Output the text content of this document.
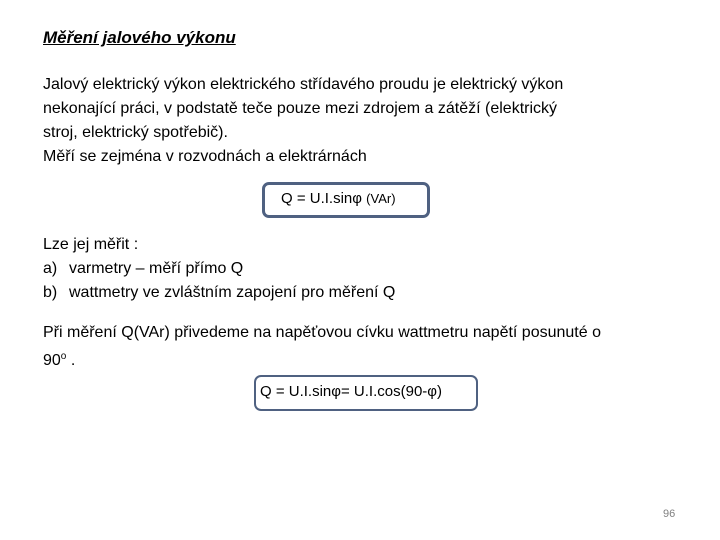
Měření jalového výkonu
Jalový elektrický výkon elektrického střídavého proudu je elektrický výkon
nekonající práci, v podstatě teče pouze mezi zdrojem a zátěží (elektrický
stroj, elektrický spotřebič).
Měří se zejména v rozvodnách a elektrárnách
Q = U.I.sinφ (VAr)
Lze jej měřit :
a) varmetry – měří přímo Q
b) wattmetry ve zvláštním zapojení pro měření Q
Při měření Q(VAr) přivedeme na napěťovou cívku wattmetru napětí posunuté o
90$^o$ .
Q = U.I.sinφ= U.I.cos(90-φ)
96
